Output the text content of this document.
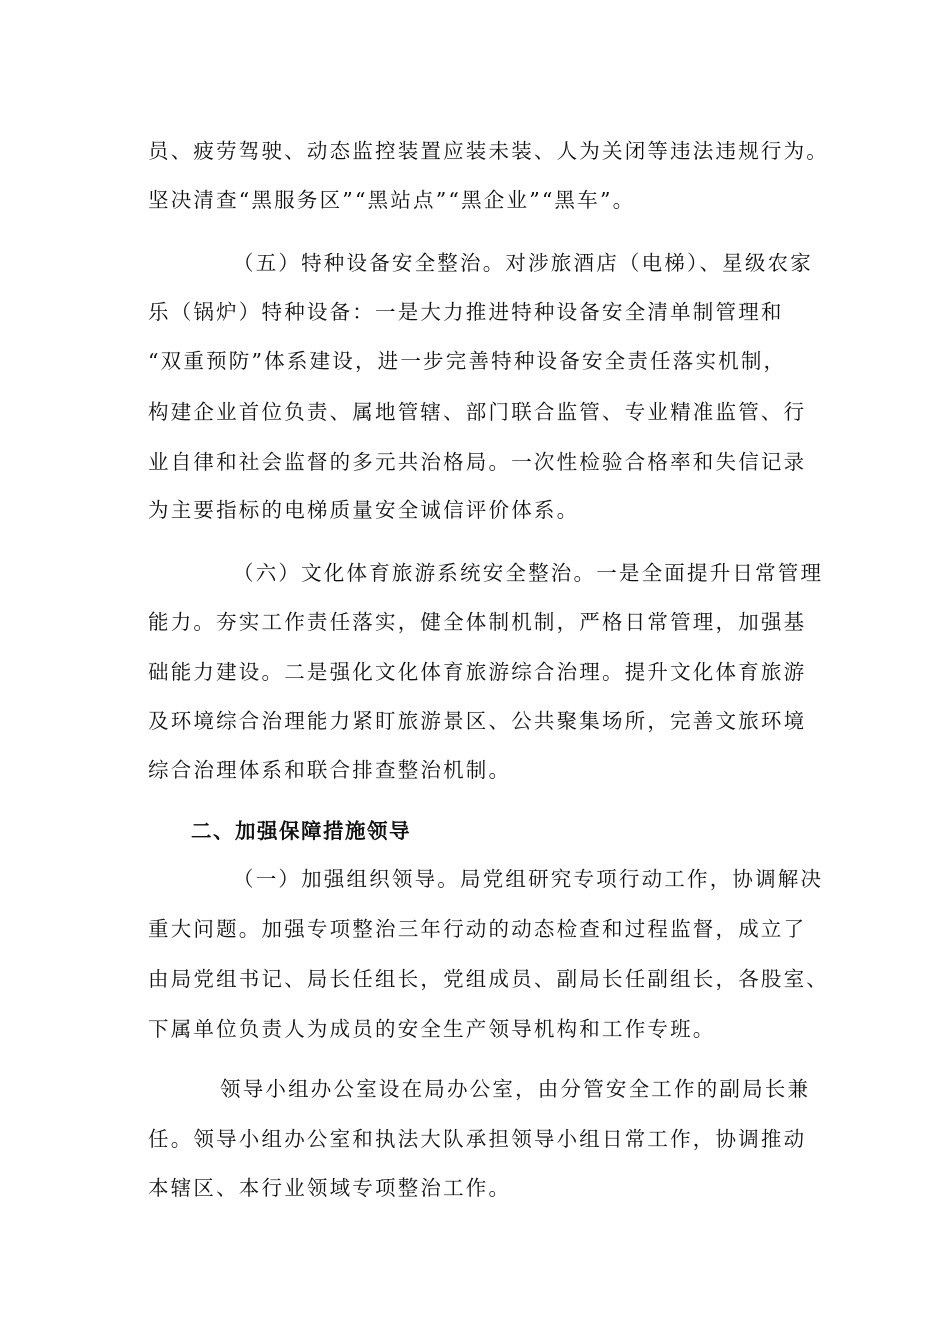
员、疲劳驾驶、动态监控装置应装未装、人为关闭等违法违规行为。
坚决清查“黑服务区”“黑站点”“黑企业”“黑车”。
（五）特种设备安全整治。对涉旅酒店（电梯）、星级农家
乐（锅炉）特种设备：一是大力推进特种设备安全清单制管理和
“双重预防”体系建设，进一步完善特种设备安全责任落实机制，
构建企业首位负责、属地管辖、部门联合监管、专业精准监管、行
业自律和社会监督的多元共治格局。一次性检验合格率和失信记录
为主要指标的电梯质量安全诚信评价体系。
（六）文化体育旅游系统安全整治。一是全面提升日常管理
能力。夯实工作责任落实，健全体制机制，严格日常管理，加强基
础能力建设。二是强化文化体育旅游综合治理。提升文化体育旅游
及环境综合治理能力紧盯旅游景区、公共聚集场所，完善文旅环境
综合治理体系和联合排查整治机制。
二、加强保障措施领导
（一）加强组织领导。局党组研究专项行动工作，协调解决
重大问题。加强专项整治三年行动的动态检查和过程监督，成立了
由局党组书记、局长任组长，党组成员、副局长任副组长，各股室、
下属单位负责人为成员的安全生产领导机构和工作专班。
领导小组办公室设在局办公室，由分管安全工作的副局长兼
任。领导小组办公室和执法大队承担领导小组日常工作，协调推动
本辖区、本行业领域专项整治工作。
